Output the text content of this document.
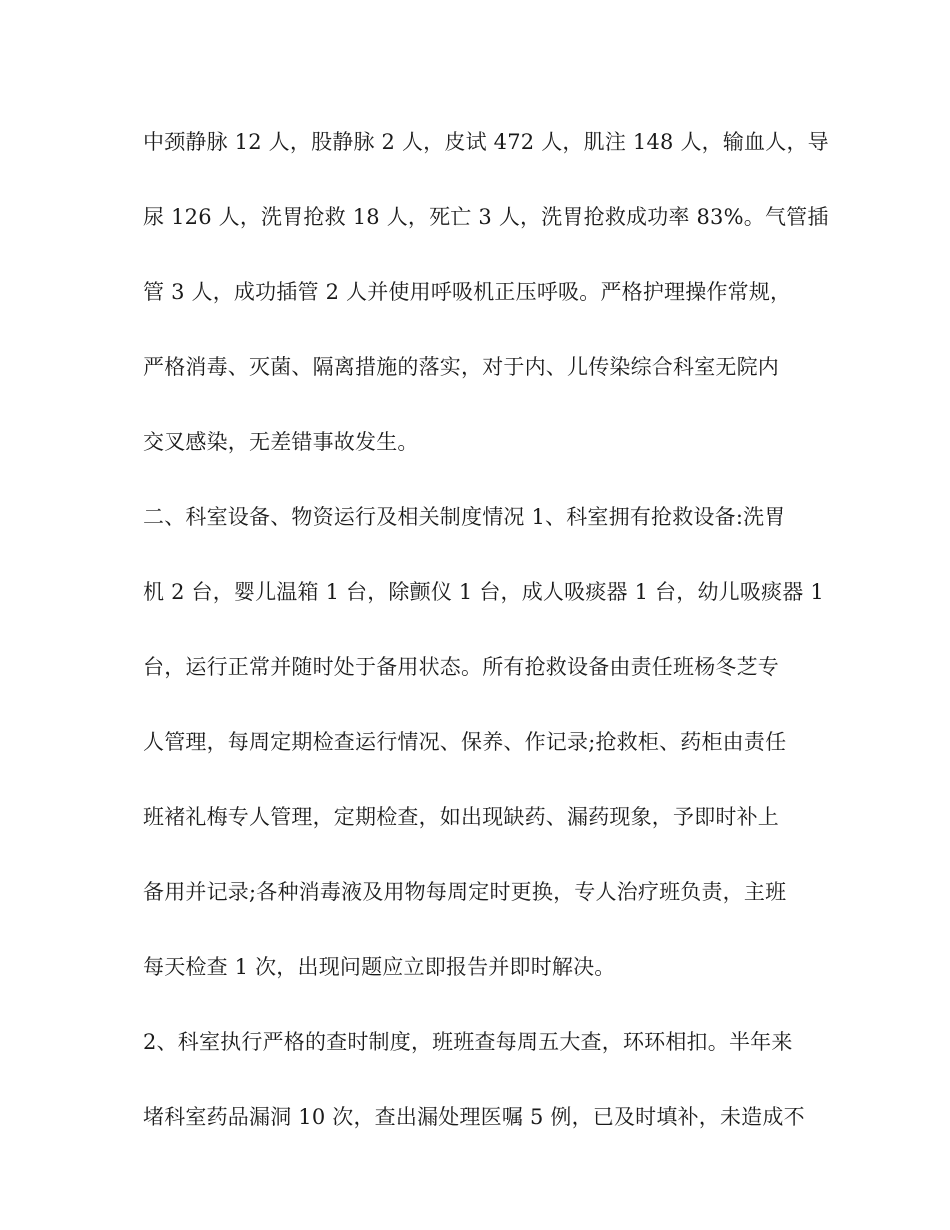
中颈静脉 12 人，股静脉 2 人，皮试 472 人，肌注 148 人，输血人，导
尿 126 人，洗胃抢救 18 人，死亡 3 人，洗胃抢救成功率 83%。气管插
管 3 人，成功插管 2 人并使用呼吸机正压呼吸。严格护理操作常规，
严格消毒、灭菌、隔离措施的落实，对于内、儿传染综合科室无院内
交叉感染，无差错事故发生。
二、科室设备、物资运行及相关制度情况 1、科室拥有抢救设备:洗胃
机 2 台，婴儿温箱 1 台，除颤仪 1 台，成人吸痰器 1 台，幼儿吸痰器 1
台，运行正常并随时处于备用状态。所有抢救设备由责任班杨冬芝专
人管理，每周定期检查运行情况、保养、作记录;抢救柜、药柜由责任
班褚礼梅专人管理，定期检查，如出现缺药、漏药现象，予即时补上
备用并记录;各种消毒液及用物每周定时更换，专人治疗班负责，主班
每天检查 1 次，出现问题应立即报告并即时解决。
2、科室执行严格的查时制度，班班查每周五大查，环环相扣。半年来
堵科室药品漏洞 10 次，查出漏处理医嘱 5 例，已及时填补，未造成不
